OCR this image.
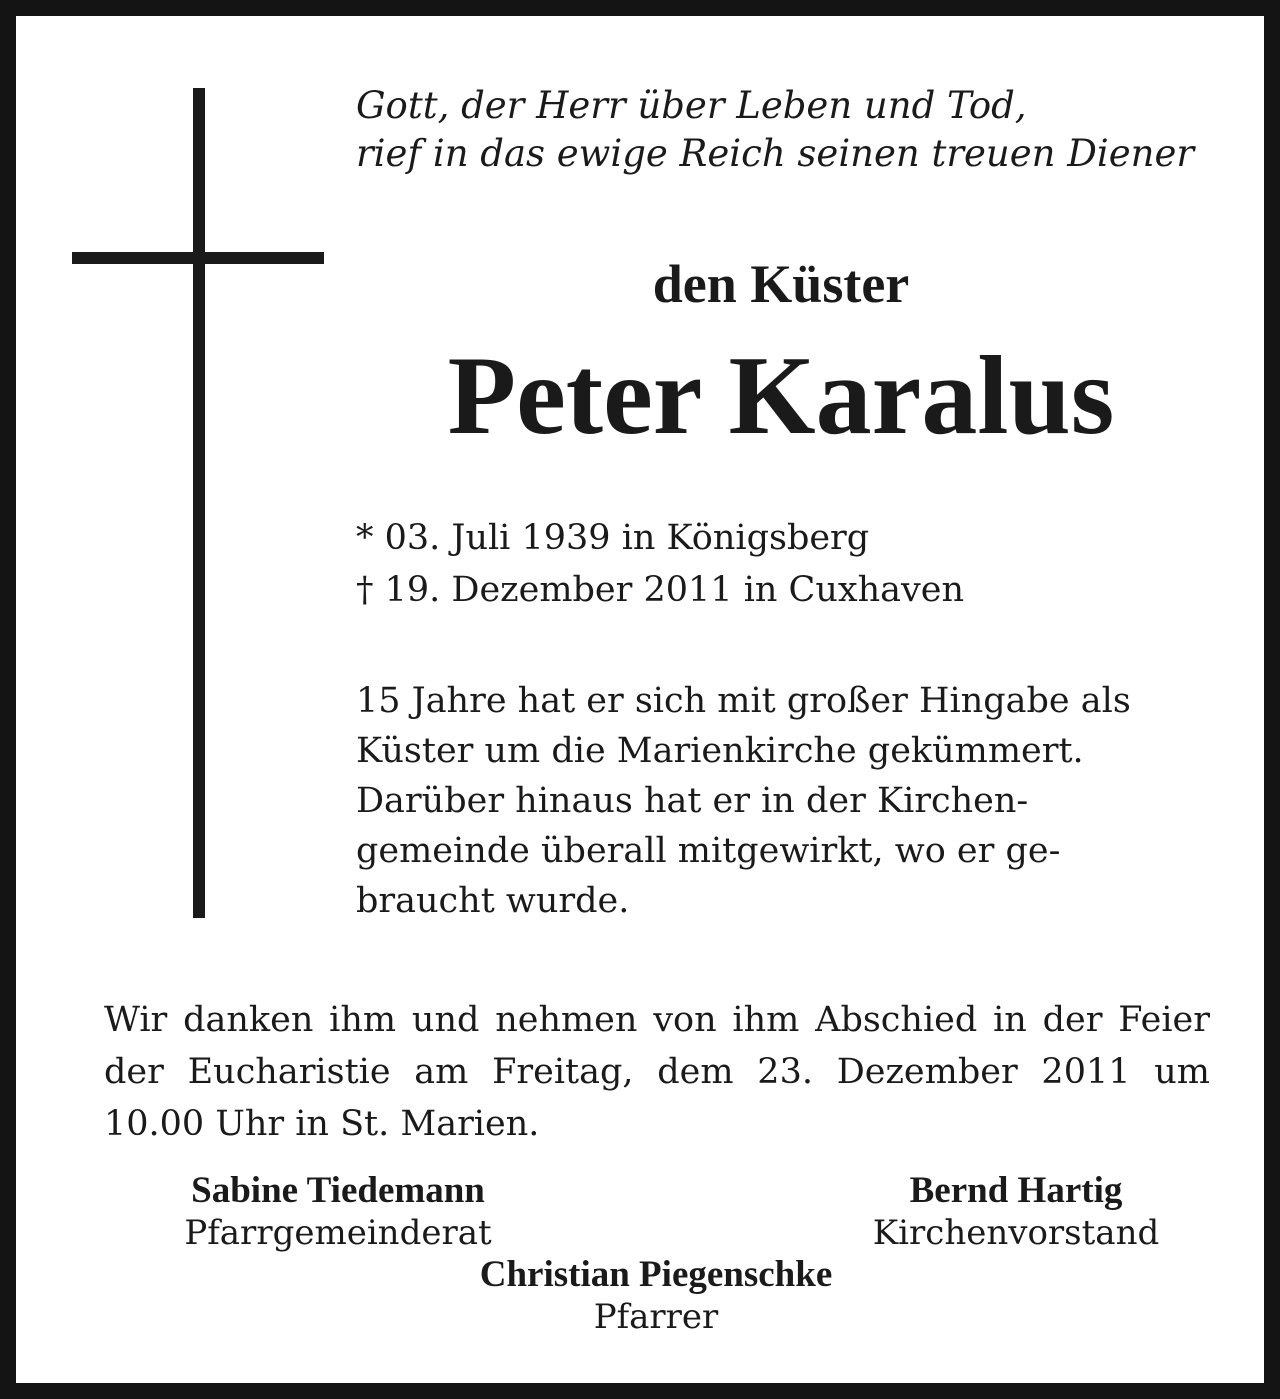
Gott, der Herr über Leben und Tod,
rief in das ewige Reich seinen treuen Diener
den Küster
Peter Karalus
* 03. Juli 1939 in Königsberg
† 19. Dezember 2011 in Cuxhaven
15 Jahre hat er sich mit großer Hingabe als
Küster um die Marienkirche gekümmert.
Darüber hinaus hat er in der Kirchen-
gemeinde überall mitgewirkt, wo er ge-
braucht wurde.
Wir danken ihm und nehmen von ihm Abschied in der Feier der Eucharistie am Freitag, dem 23. Dezember 2011 um 10.00 Uhr in St. Marien.
Sabine Tiedemann
Pfarrgemeinderat
Bernd Hartig
Kirchenvorstand
Christian Piegenschke
Pfarrer
